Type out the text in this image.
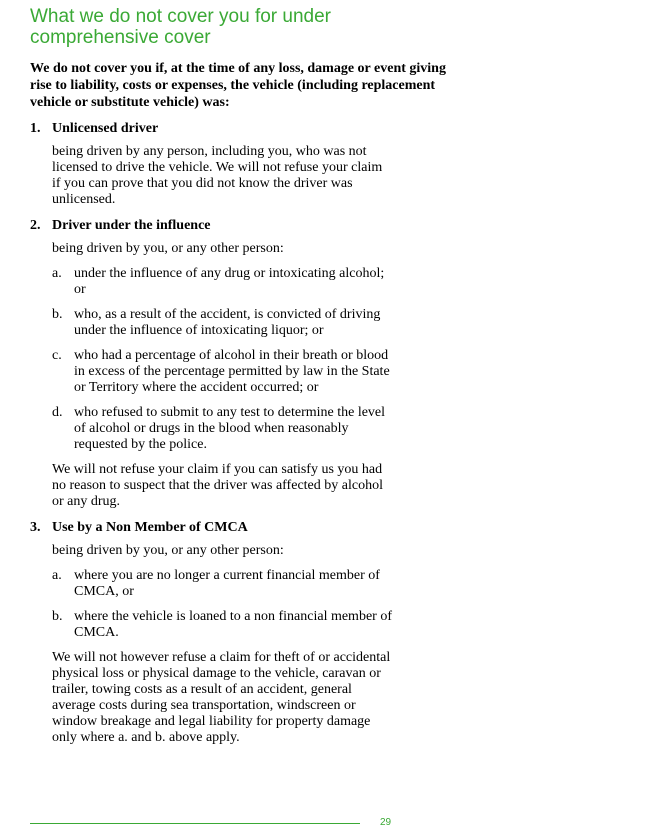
What we do not cover you for under comprehensive cover

We do not cover you if, at the time of any loss, damage or event giving rise to liability, costs or expenses, the vehicle (including replacement vehicle or substitute vehicle) was:

1. Unlicensed driver

being driven by any person, including you, who was not licensed to drive the vehicle. We will not refuse your claim if you can prove that you did not know the driver was unlicensed.

2. Driver under the influence

being driven by you, or any other person:

a. under the influence of any drug or intoxicating alcohol; or
b. who, as a result of the accident, is convicted of driving under the influence of intoxicating liquor; or
c. who had a percentage of alcohol in their breath or blood in excess of the percentage permitted by law in the State or Territory where the accident occurred; or
d. who refused to submit to any test to determine the level of alcohol or drugs in the blood when reasonably requested by the police.

We will not refuse your claim if you can satisfy us you had no reason to suspect that the driver was affected by alcohol or any drug.

3. Use by a Non Member of CMCA

being driven by you, or any other person:

a. where you are no longer a current financial member of CMCA, or
b. where the vehicle is loaned to a non financial member of CMCA.

We will not however refuse a claim for theft of or accidental physical loss or physical damage to the vehicle, caravan or trailer, towing costs as a result of an accident, general average costs during sea transportation, windscreen or window breakage and legal liability for property damage only where a. and b. above apply.

29
